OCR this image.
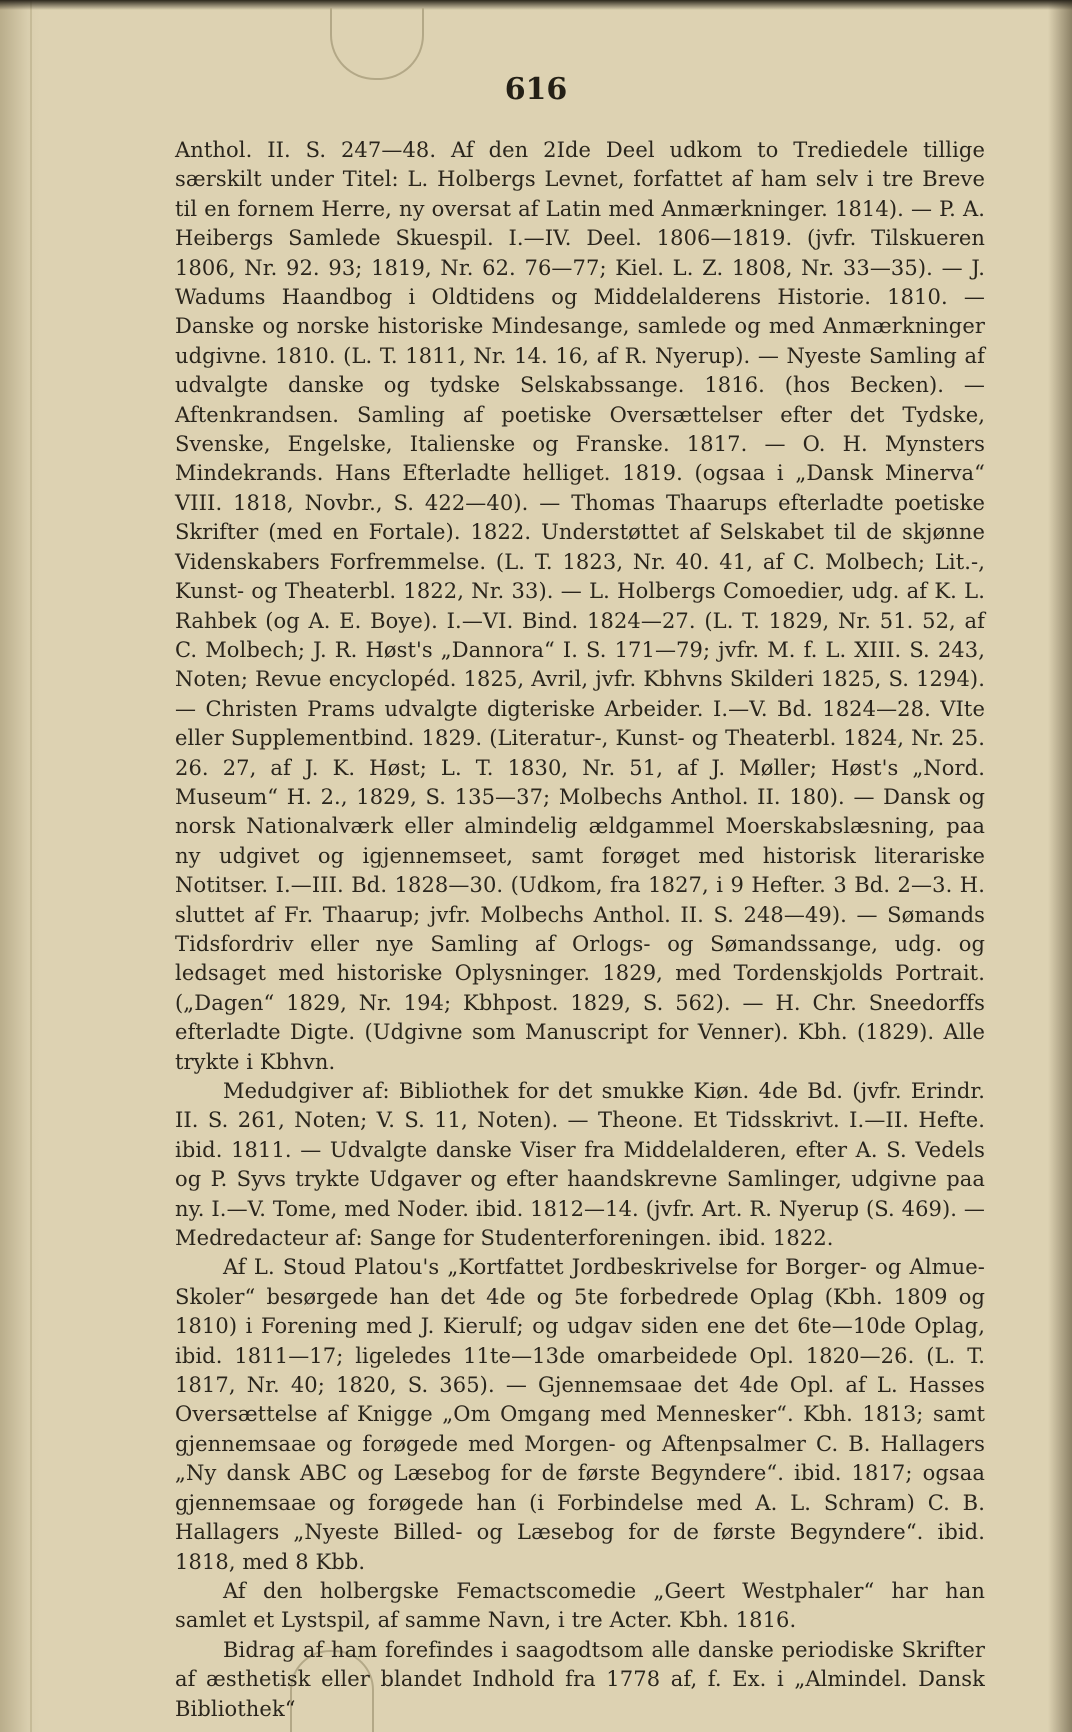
616

Anthol. II. S. 247—48. Af den 2Ide Deel udkom to Trediedele tillige særskilt under Titel: L. Holbergs Levnet, forfattet af ham selv i tre Breve til en fornem Herre, ny oversat af Latin med Anmærkninger. 1814). — P. A. Heibergs Samlede Skuespil. I.—IV. Deel. 1806—1819. (jvfr. Tilskueren 1806, Nr. 92. 93; 1819, Nr. 62. 76—77; Kiel. L. Z. 1808, Nr. 33—35). — J. Wadums Haandbog i Oldtidens og Middelalderens Historie. 1810. — Danske og norske historiske Mindesange, samlede og med Anmærkninger udgivne. 1810. (L. T. 1811, Nr. 14. 16, af R. Nyerup). — Nyeste Samling af udvalgte danske og tydske Selskabssange. 1816. (hos Becken). — Aftenkrandsen. Samling af poetiske Oversættelser efter det Tydske, Svenske, Engelske, Italienske og Franske. 1817. — O. H. Mynsters Mindekrands. Hans Efterladte helliget. 1819. (ogsaa i „Dansk Minerva“ VIII. 1818, Novbr., S. 422—40). — Thomas Thaarups efterladte poetiske Skrifter (med en Fortale). 1822. Understøttet af Selskabet til de skjønne Videnskabers Forfremmelse. (L. T. 1823, Nr. 40. 41, af C. Molbech; Lit.-, Kunst- og Theaterbl. 1822, Nr. 33). — L. Holbergs Comoedier, udg. af K. L. Rahbek (og A. E. Boye). I.—VI. Bind. 1824—27. (L. T. 1829, Nr. 51. 52, af C. Molbech; J. R. Høst's „Dannora“ I. S. 171—79; jvfr. M. f. L. XIII. S. 243, Noten; Revue encyclopéd. 1825, Avril, jvfr. Kbhvns Skilderi 1825, S. 1294). — Christen Prams udvalgte digteriske Arbeider. I.—V. Bd. 1824—28. VIte eller Supplementbind. 1829. (Literatur-, Kunst- og Theaterbl. 1824, Nr. 25. 26. 27, af J. K. Høst; L. T. 1830, Nr. 51, af J. Møller; Høst's „Nord. Museum“ H. 2., 1829, S. 135—37; Molbechs Anthol. II. 180). — Dansk og norsk Nationalværk eller almindelig ældgammel Moerskabslæsning, paa ny udgivet og igjennemseet, samt forøget med historisk literariske Notitser. I.—III. Bd. 1828—30. (Udkom, fra 1827, i 9 Hefter. 3 Bd. 2—3. H. sluttet af Fr. Thaarup; jvfr. Molbechs Anthol. II. S. 248—49). — Sømands Tidsfordriv eller nye Samling af Orlogs- og Sømandssange, udg. og ledsaget med historiske Oplysninger. 1829, med Tordenskjolds Portrait. („Dagen“ 1829, Nr. 194; Kbhpost. 1829, S. 562). — H. Chr. Sneedorffs efterladte Digte. (Udgivne som Manuscript for Venner). Kbh. (1829). Alle trykte i Kbhvn.

Medudgiver af: Bibliothek for det smukke Kiøn. 4de Bd. (jvfr. Erindr. II. S. 261, Noten; V. S. 11, Noten). — Theone. Et Tidsskrivt. I.—II. Hefte. ibid. 1811. — Udvalgte danske Viser fra Middelalderen, efter A. S. Vedels og P. Syvs trykte Udgaver og efter haandskrevne Samlinger, udgivne paa ny. I.—V. Tome, med Noder. ibid. 1812—14. (jvfr. Art. R. Nyerup (S. 469). — Medredacteur af: Sange for Studenterforeningen. ibid. 1822.

Af L. Stoud Platou's „Kortfattet Jordbeskrivelse for Borger- og Almue-Skoler“ besørgede han det 4de og 5te forbedrede Oplag (Kbh. 1809 og 1810) i Forening med J. Kierulf; og udgav siden ene det 6te—10de Oplag, ibid. 1811—17; ligeledes 11te—13de omarbeidede Opl. 1820—26. (L. T. 1817, Nr. 40; 1820, S. 365). — Gjennemsaae det 4de Opl. af L. Hasses Oversættelse af Knigge „Om Omgang med Mennesker“. Kbh. 1813; samt gjennemsaae og forøgede med Morgen- og Aftenpsalmer C. B. Hallagers „Ny dansk ABC og Læsebog for de første Begyndere“. ibid. 1817; ogsaa gjennemsaae og forøgede han (i Forbindelse med A. L. Schram) C. B. Hallagers „Nyeste Billed- og Læsebog for de første Begyndere“. ibid. 1818, med 8 Kbb.

Af den holbergske Femactscomedie „Geert Westphaler“ har han samlet et Lystspil, af samme Navn, i tre Acter. Kbh. 1816.

Bidrag af ham forefindes i saagodtsom alle danske periodiske Skrifter af æsthetisk eller blandet Indhold fra 1778 af, f. Ex. i „Almindel. Dansk Bibliothek“
